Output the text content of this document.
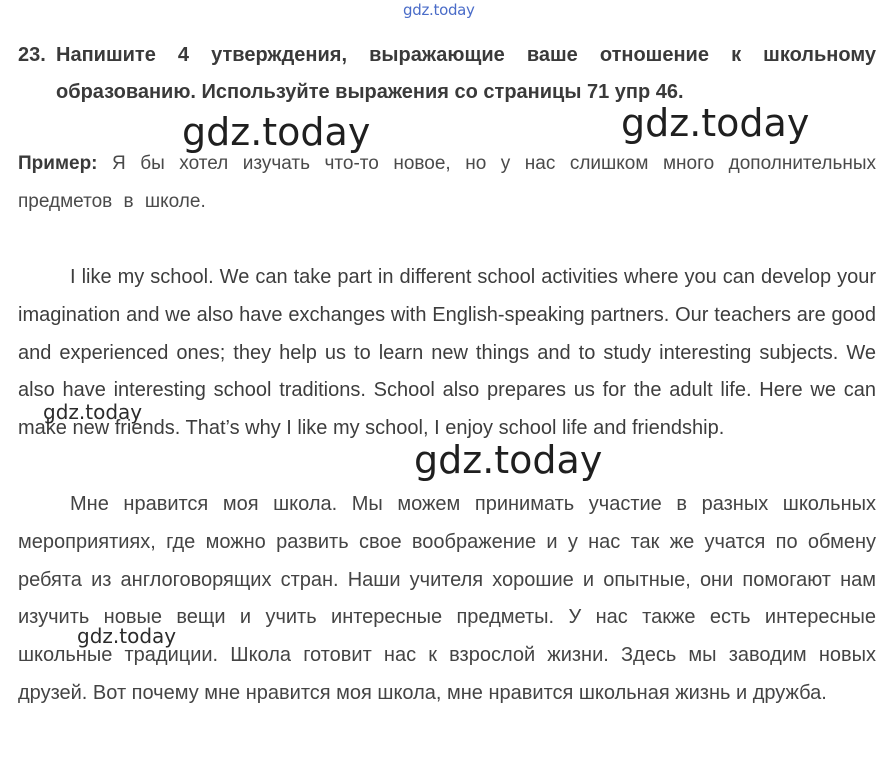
gdz.today
23. Напишите 4 утверждения, выражающие ваше отношение к школьному образованию. Используйте выражения со страницы 71 упр 46.
gdz.today	gdz.today
Пример: Я бы хотел изучать что-то новое, но у нас слишком много дополнительных предметов в школе.
I like my school. We can take part in different school activities where you can develop your imagination and we also have exchanges with English-speaking partners. Our teachers are good and experienced ones; they help us to learn new things and to study interesting subjects. We also have interesting school traditions. School also prepares us for the adult life. Here we can make new friends. That’s why I like my school, I enjoy school life and friendship.
gdz.today
gdz.today
Мне нравится моя школа. Мы можем принимать участие в разных школьных мероприятиях, где можно развить свое воображение и у нас так же учатся по обмену ребята из англоговорящих стран. Наши учителя хорошие и опытные, они помогают нам изучить новые вещи и учить интересные предметы. У нас также есть интересные школьные традиции. Школа готовит нас к взрослой жизни. Здесь мы заводим новых друзей. Вот почему мне нравится моя школа, мне нравится школьная жизнь и дружба.
gdz.today
